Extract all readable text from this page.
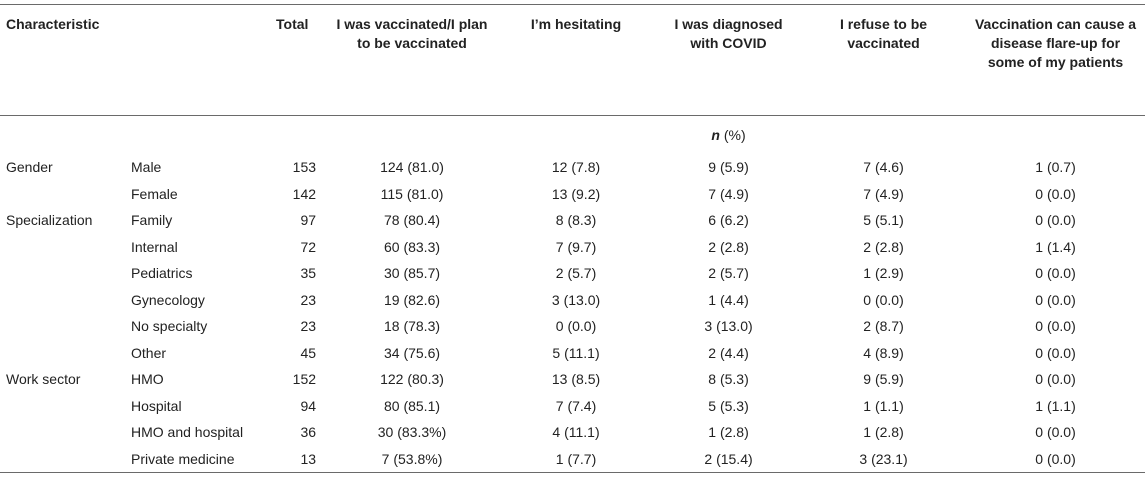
Characteristic		Total	I was vaccinated/I plan to be vaccinated	I’m hesitating	I was diagnosed with COVID	I refuse to be vaccinated	Vaccination can cause a disease flare-up for some of my patients
					n (%)		
Gender	Male	153	124 (81.0)	12 (7.8)	9 (5.9)	7 (4.6)	1 (0.7)
	Female	142	115 (81.0)	13 (9.2)	7 (4.9)	7 (4.9)	0 (0.0)
Specialization	Family	97	78 (80.4)	8 (8.3)	6 (6.2)	5 (5.1)	0 (0.0)
	Internal	72	60 (83.3)	7 (9.7)	2 (2.8)	2 (2.8)	1 (1.4)
	Pediatrics	35	30 (85.7)	2 (5.7)	2 (5.7)	1 (2.9)	0 (0.0)
	Gynecology	23	19 (82.6)	3 (13.0)	1 (4.4)	0 (0.0)	0 (0.0)
	No specialty	23	18 (78.3)	0 (0.0)	3 (13.0)	2 (8.7)	0 (0.0)
	Other	45	34 (75.6)	5 (11.1)	2 (4.4)	4 (8.9)	0 (0.0)
Work sector	HMO	152	122 (80.3)	13 (8.5)	8 (5.3)	9 (5.9)	0 (0.0)
	Hospital	94	80 (85.1)	7 (7.4)	5 (5.3)	1 (1.1)	1 (1.1)
	HMO and hospital	36	30 (83.3%)	4 (11.1)	1 (2.8)	1 (2.8)	0 (0.0)
	Private medicine	13	7 (53.8%)	1 (7.7)	2 (15.4)	3 (23.1)	0 (0.0)
